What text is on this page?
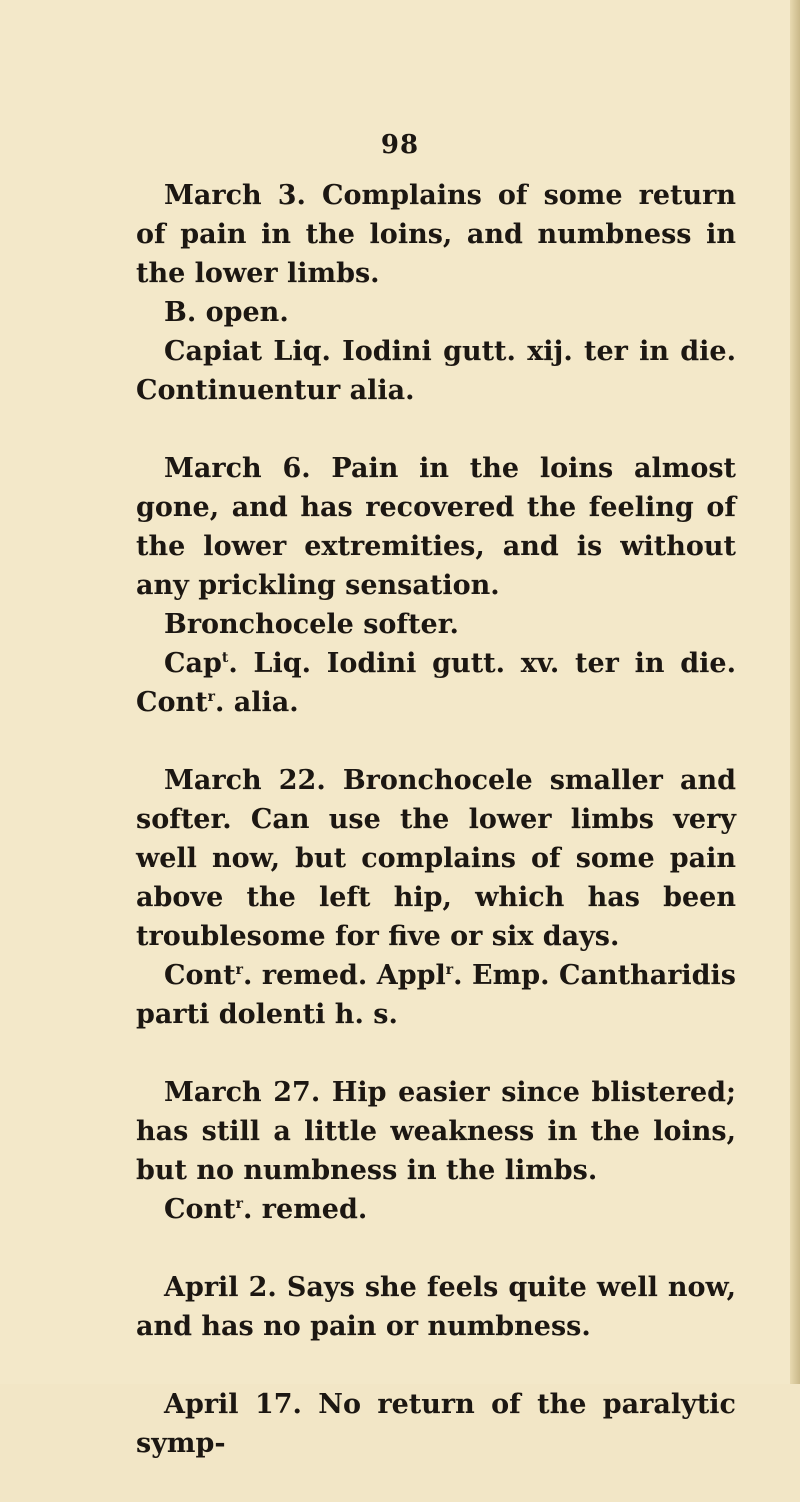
98

March 3. Complains of some return of pain in the loins, and numbness in the lower limbs.

B. open.

Capiat Liq. Iodini gutt. xij. ter in die. Continuentur alia.

March 6. Pain in the loins almost gone, and has recovered the feeling of the lower extremities, and is without any prickling sensation.

Bronchocele softer.

Cap$^t$. Liq. Iodini gutt. xv. ter in die. Cont$^r$. alia.

March 22. Bronchocele smaller and softer. Can use the lower limbs very well now, but complains of some pain above the left hip, which has been troublesome for five or six days.

Cont$^r$. remed. Appl$^r$. Emp. Cantharidis parti dolenti h. s.

March 27. Hip easier since blistered; has still a little weakness in the loins, but no numbness in the limbs.

Cont$^r$. remed.

April 2. Says she feels quite well now, and has no pain or numbness.

April 17. No return of the paralytic symp-
